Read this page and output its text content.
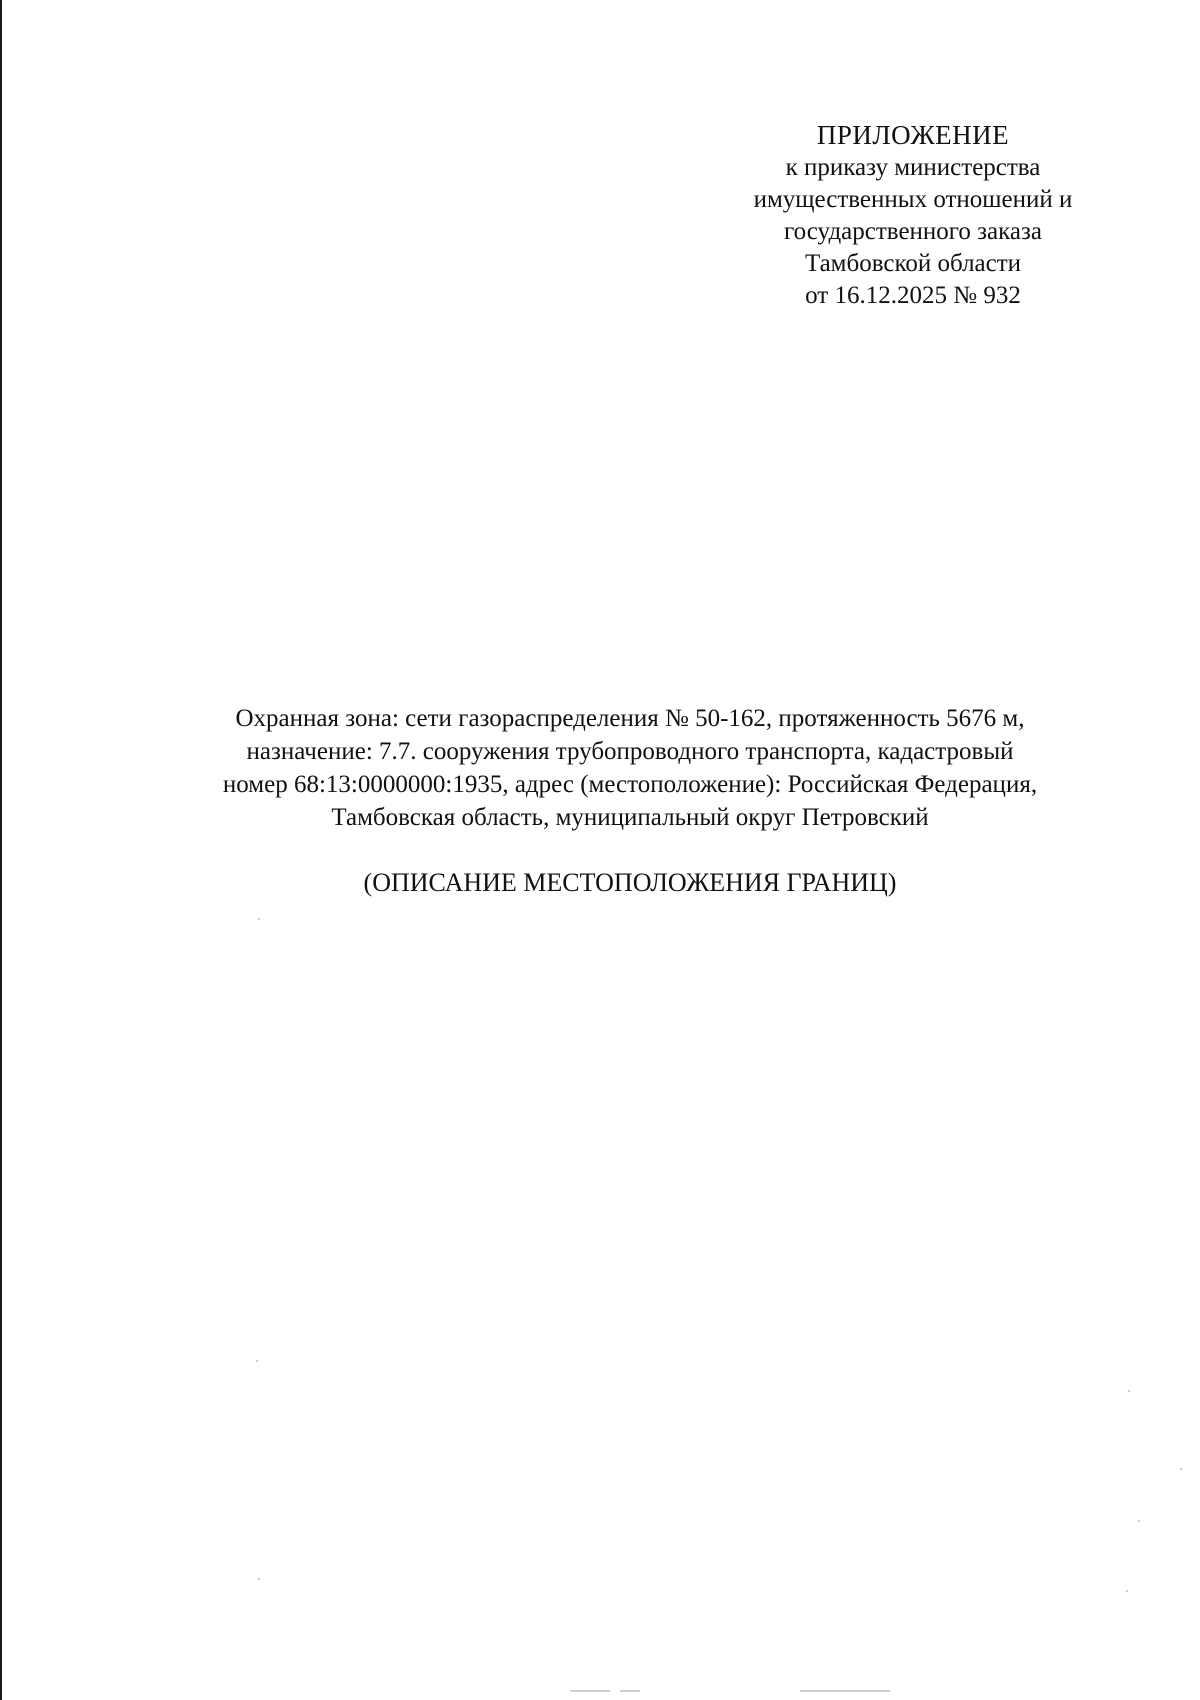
ПРИЛОЖЕНИЕ
к приказу министерства
имущественных отношений и
государственного заказа
Тамбовской области
от 16.12.2025 № 932
Охранная зона: сети газораспределения № 50-162, протяженность 5676 м,
назначение: 7.7. сооружения трубопроводного транспорта, кадастровый
номер 68:13:0000000:1935, адрес (местоположение): Российская Федерация,
Тамбовская область, муниципальный округ Петровский
(ОПИСАНИЕ МЕСТОПОЛОЖЕНИЯ ГРАНИЦ)
